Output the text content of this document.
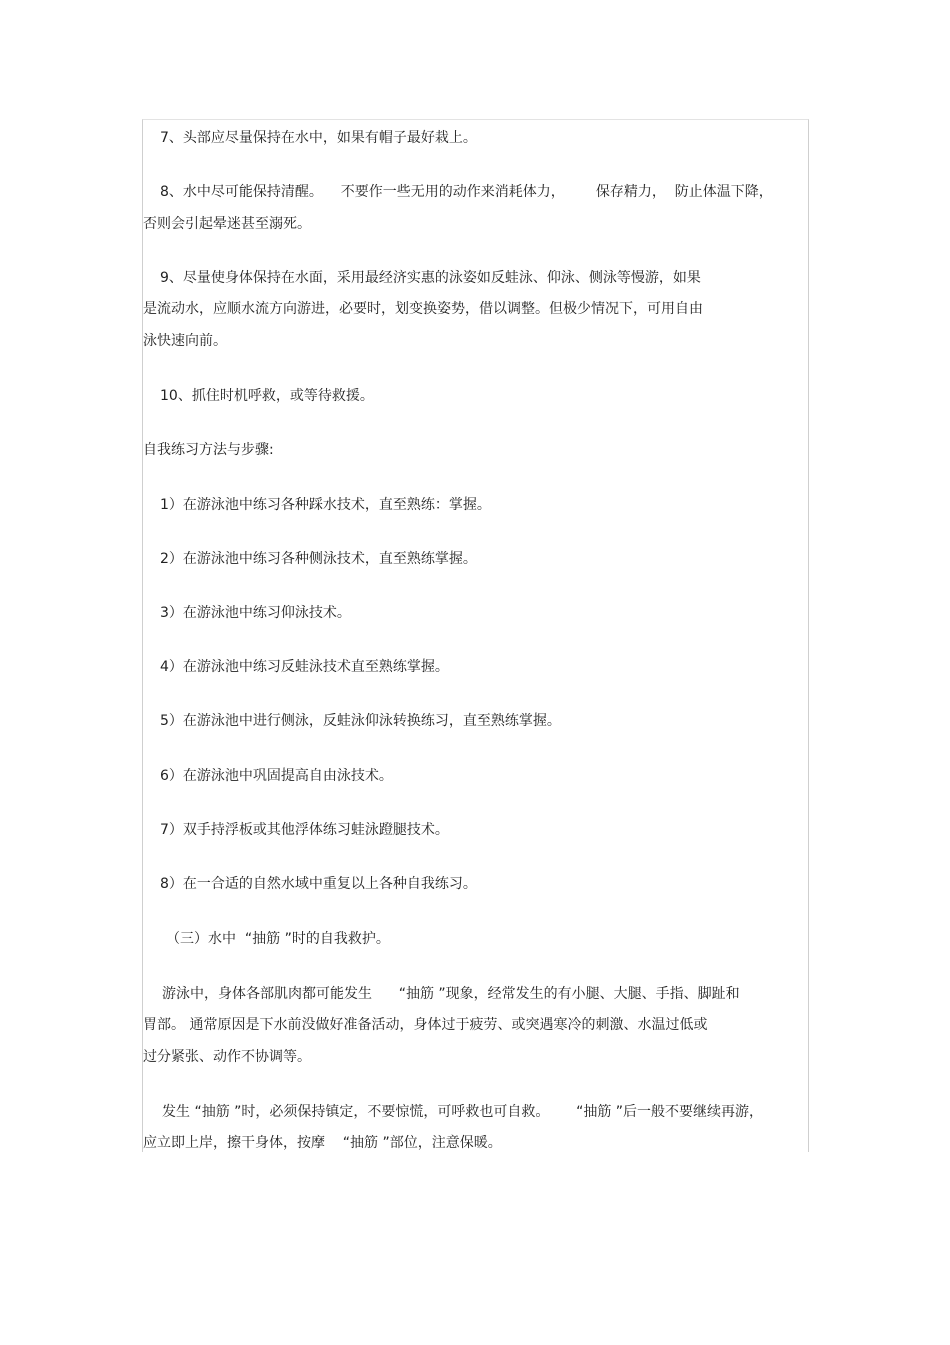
7、头部应尽量保持在水中，如果有帽子最好栽上。
8、水中尽可能保持清醒。    不要作一些无用的动作来消耗体力，       保存精力，  防止体温下降，
否则会引起晕迷甚至溺死。
9、尽量使身体保持在水面，采用最经济实惠的泳姿如反蛙泳、仰泳、侧泳等慢游，如果
是流动水，应顺水流方向游进，必要时，划变换姿势，借以调整。但极少情况下，可用自由
泳快速向前。
10、抓住时机呼救，或等待救援。
自我练习方法与步骤:
1）在游泳池中练习各种踩水技术，直至熟练：掌握。
2）在游泳池中练习各种侧泳技术，直至熟练掌握。
3）在游泳池中练习仰泳技术。
4）在游泳池中练习反蛙泳技术直至熟练掌握。
5）在游泳池中进行侧泳，反蛙泳仰泳转换练习，直至熟练掌握。
6）在游泳池中巩固提高自由泳技术。
7）双手持浮板或其他浮体练习蛙泳蹬腿技术。
8）在一合适的自然水域中重复以上各种自我练习。
（三）水中  “抽筋 ”时的自我救护。
游泳中，身体各部肌肉都可能发生      “抽筋 ”现象，经常发生的有小腿、大腿、手指、脚趾和
胃部。 通常原因是下水前没做好准备活动，身体过于疲劳、或突遇寒冷的刺激、水温过低或
过分紧张、动作不协调等。
发生 “抽筋 ”时，必须保持镇定，不要惊慌，可呼救也可自救。      “抽筋 ”后一般不要继续再游，
应立即上岸，擦干身体，按摩    “抽筋 ”部位，注意保暖。
